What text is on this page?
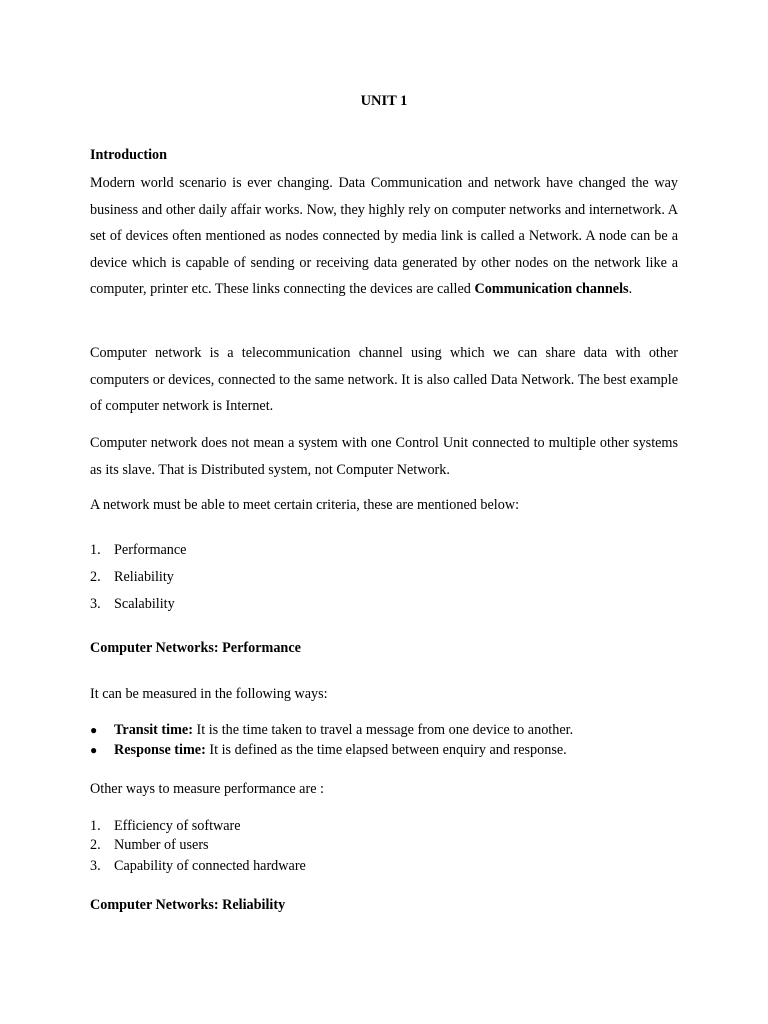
UNIT 1
Introduction

Modern world scenario is ever changing. Data Communication and network have changed the way business and other daily affair works. Now, they highly rely on computer networks and internetwork. A set of devices often mentioned as nodes connected by media link is called a Network. A node can be a device which is capable of sending or receiving data generated by other nodes on the network like a computer, printer etc. These links connecting the devices are called Communication channels.

Computer network is a telecommunication channel using which we can share data with other computers or devices, connected to the same network. It is also called Data Network. The best example of computer network is Internet.

Computer network does not mean a system with one Control Unit connected to multiple other systems as its slave. That is Distributed system, not Computer Network.

A network must be able to meet certain criteria, these are mentioned below:
1. Performance
2. Reliability
3. Scalability
Computer Networks: Performance
It can be measured in the following ways:
● Transit time: It is the time taken to travel a message from one device to another.
● Response time: It is defined as the time elapsed between enquiry and response.
Other ways to measure performance are :
1. Efficiency of software
2. Number of users
3. Capability of connected hardware
Computer Networks: Reliability
